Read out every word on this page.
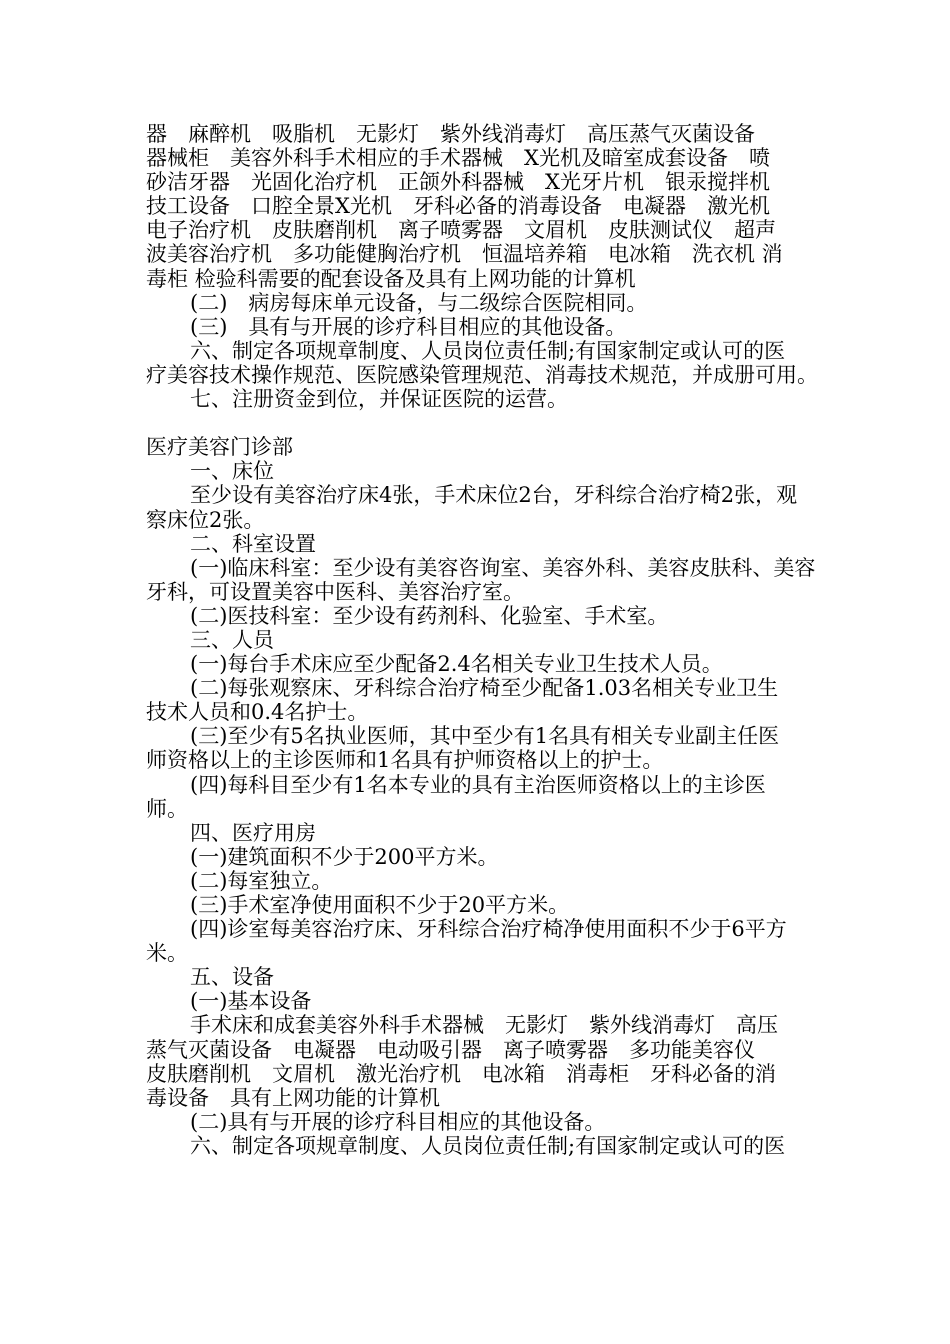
器　麻醉机　吸脂机　无影灯　紫外线消毒灯　高压蒸气灭菌设备
器械柜　美容外科手术相应的手术器械　X光机及暗室成套设备　喷
砂洁牙器　光固化治疗机　正颌外科器械　X光牙片机　银汞搅拌机
技工设备　口腔全景X光机　牙科必备的消毒设备　电凝器　激光机
电子治疗机　皮肤磨削机　离子喷雾器　文眉机　皮肤测试仪　超声
波美容治疗机　多功能健胸治疗机　恒温培养箱　电冰箱　洗衣机 消
毒柜 检验科需要的配套设备及具有上网功能的计算机
(二)　病房每床单元设备，与二级综合医院相同。
(三)　具有与开展的诊疗科目相应的其他设备。
六、制定各项规章制度、人员岗位责任制;有国家制定或认可的医
疗美容技术操作规范、医院感染管理规范、消毒技术规范，并成册可用。
七、注册资金到位，并保证医院的运营。
医疗美容门诊部
一、床位
至少设有美容治疗床4张，手术床位2台，牙科综合治疗椅2张，观
察床位2张。
二、科室设置
(一)临床科室：至少设有美容咨询室、美容外科、美容皮肤科、美容
牙科，可设置美容中医科、美容治疗室。
(二)医技科室：至少设有药剂科、化验室、手术室。
三、人员
(一)每台手术床应至少配备2.4名相关专业卫生技术人员。
(二)每张观察床、牙科综合治疗椅至少配备1.03名相关专业卫生
技术人员和0.4名护士。
(三)至少有5名执业医师，其中至少有1名具有相关专业副主任医
师资格以上的主诊医师和1名具有护师资格以上的护士。
(四)每科目至少有1名本专业的具有主治医师资格以上的主诊医
师。
四、医疗用房
(一)建筑面积不少于200平方米。
(二)每室独立。
(三)手术室净使用面积不少于20平方米。
(四)诊室每美容治疗床、牙科综合治疗椅净使用面积不少于6平方
米。
五、设备
(一)基本设备
手术床和成套美容外科手术器械　无影灯　紫外线消毒灯　高压
蒸气灭菌设备　电凝器　电动吸引器　离子喷雾器　多功能美容仪
皮肤磨削机　文眉机　激光治疗机　电冰箱　消毒柜　牙科必备的消
毒设备　具有上网功能的计算机
(二)具有与开展的诊疗科目相应的其他设备。
六、制定各项规章制度、人员岗位责任制;有国家制定或认可的医
